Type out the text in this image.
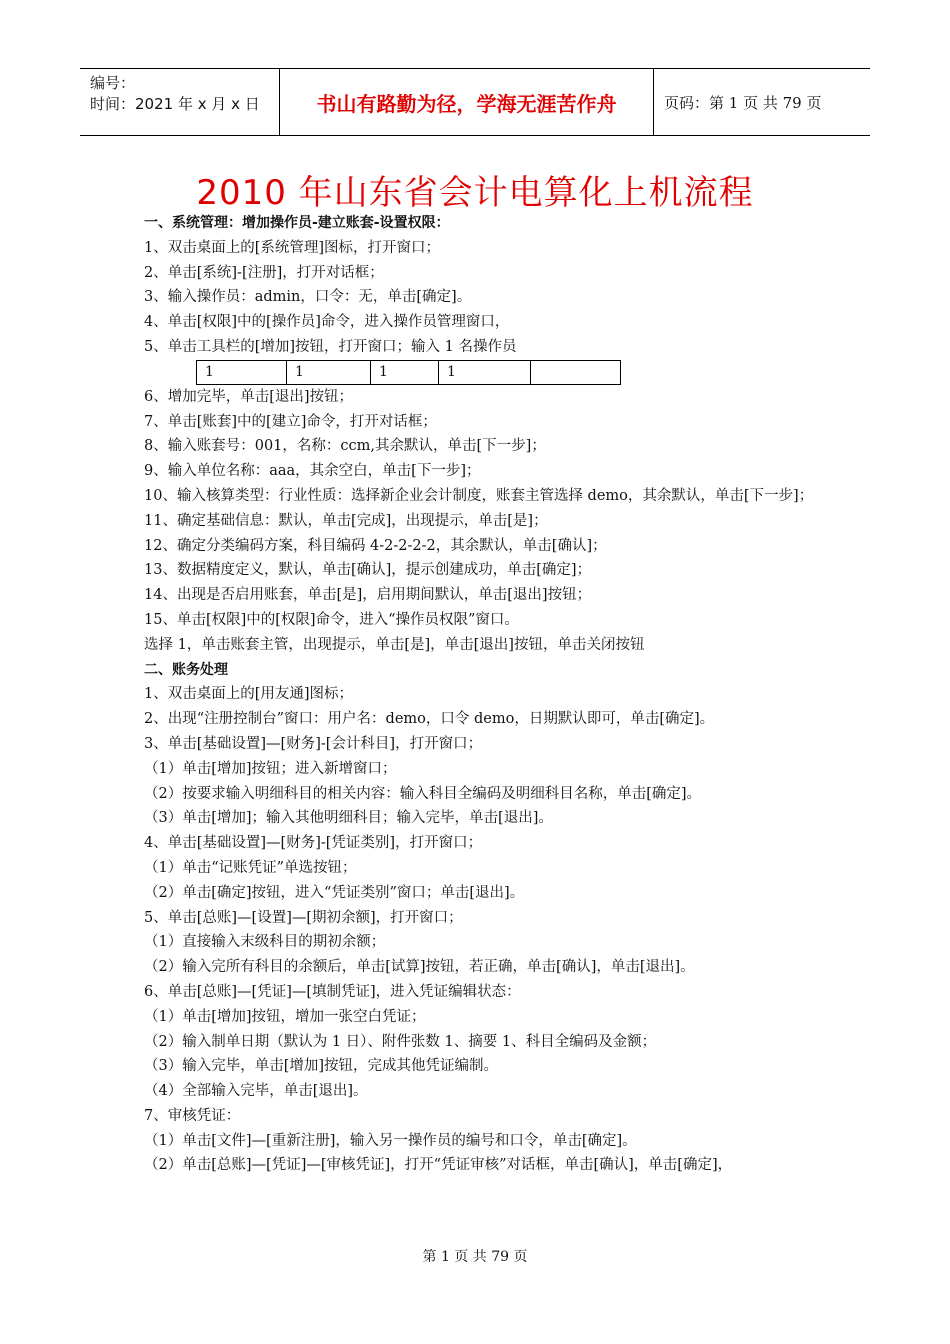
编号：
时间：2021 年 x 月 x 日	书山有路勤为径，学海无涯苦作舟	页码：第 1 页 共 79 页
2010 年山东省会计电算化上机流程
一、系统管理：增加操作员-建立账套-设置权限：
1、双击桌面上的[系统管理]图标，打开窗口；
2、单击[系统]-[注册]，打开对话框；
3、输入操作员：admin，口令：无，单击[确定]。
4、单击[权限]中的[操作员]命令，进入操作员管理窗口，
5、单击工具栏的[增加]按钮，打开窗口；输入 1 名操作员
1	1	1	1	
6、增加完毕，单击[退出]按钮；
7、单击[账套]中的[建立]命令，打开对话框；
8、输入账套号：001，名称：ccm,其余默认，单击[下一步]；
9、输入单位名称：aaa，其余空白，单击[下一步]；
10、输入核算类型：行业性质：选择新企业会计制度，账套主管选择 demo，其余默认，单击[下一步]；
11、确定基础信息：默认，单击[完成]，出现提示，单击[是]；
12、确定分类编码方案，科目编码 4-2-2-2-2，其余默认，单击[确认]；
13、数据精度定义，默认，单击[确认]，提示创建成功，单击[确定]；
14、出现是否启用账套，单击[是]，启用期间默认，单击[退出]按钮；
15、单击[权限]中的[权限]命令，进入“操作员权限”窗口。
选择 1，单击账套主管，出现提示，单击[是]，单击[退出]按钮，单击关闭按钮
二、账务处理
1、双击桌面上的[用友通]图标；
2、出现“注册控制台”窗口：用户名：demo，口令 demo，日期默认即可，单击[确定]。
3、单击[基础设置]—[财务]-[会计科目]，打开窗口；
（1）单击[增加]按钮；进入新增窗口；
（2）按要求输入明细科目的相关内容：输入科目全编码及明细科目名称，单击[确定]。
（3）单击[增加]；输入其他明细科目；输入完毕，单击[退出]。
4、单击[基础设置]—[财务]-[凭证类别]，打开窗口；
（1）单击“记账凭证”单选按钮；
（2）单击[确定]按钮，进入“凭证类别”窗口；单击[退出]。
5、单击[总账]—[设置]—[期初余额]，打开窗口；
（1）直接输入末级科目的期初余额；
（2）输入完所有科目的余额后，单击[试算]按钮，若正确，单击[确认]，单击[退出]。
6、单击[总账]—[凭证]—[填制凭证]，进入凭证编辑状态：
（1）单击[增加]按钮，增加一张空白凭证；
（2）输入制单日期（默认为 1 日）、附件张数 1、摘要 1、科目全编码及金额；
（3）输入完毕，单击[增加]按钮，完成其他凭证编制。
（4）全部输入完毕，单击[退出]。
7、审核凭证：
（1）单击[文件]—[重新注册]，输入另一操作员的编号和口令，单击[确定]。
（2）单击[总账]—[凭证]—[审核凭证]，打开“凭证审核”对话框，单击[确认]，单击[确定]，
第 1 页 共 79 页
